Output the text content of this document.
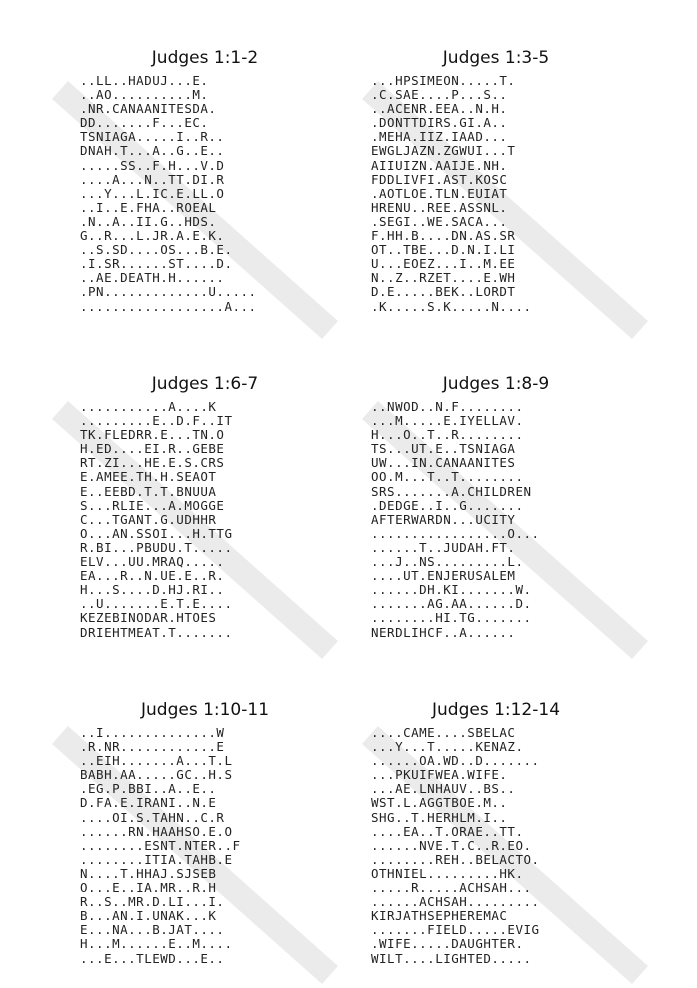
Judges 1:1-2
..LL..HADUJ...E.
..AO..........M.
.NR.CANAANITESDA.
DD.......F...EC.
TSNIAGA.....I..R..
DNAH.T...A..G..E..
.....SS..F.H...V.D
....A...N..TT.DI.R
...Y...L.IC.E.LL.O
..I..E.FHA..ROEAL
.N..A..II.G..HDS.
G..R...L.JR.A.E.K.
..S.SD....OS...B.E.
.I.SR......ST....D.
..AE.DEATH.H......
.PN.............U.....
..................A...
Judges 1:3-5
...HPSIMEON.....T.
.C.SAE....P...S..
..ACENR.EEA..N.H.
.DONTTDIRS.GI.A..
.MEHA.IIZ.IAAD...
EWGLJAZN.ZGWUI...T
AIIUIZN.AAIJE.NH.
FDDLIVFI.AST.KOSC
.AOTLOE.TLN.EUIAT
HRENU..REE.ASSNL.
.SEGI..WE.SACA...
F.HH.B....DN.AS.SR
OT..TBE...D.N.I.LI
U...EOEZ...I..M.EE
N..Z..RZET....E.WH
D.E.....BEK..LORDT
.K.....S.K.....N....
Judges 1:6-7
...........A....K
.........E..D.F..IT
TK.FLEDRR.E...TN.O
H.ED....EI.R..GEBE
RT.ZI...HE.E.S.CRS
E.AMEE.TH.H.SEAOT
E..EEBD.T.T.BNUUA
S...RLIE...A.MOGGE
C...TGANT.G.UDHHR
O...AN.SSOI...H.TTG
R.BI...PBUDU.T.....
ELV...UU.MRAQ.....
EA...R..N.UE.E..R.
H...S....D.HJ.RI..
..U.......E.T.E....
KEZEBINODAR.HTOES
DRIEHTMEAT.T.......
Judges 1:8-9
..NWOD..N.F........
...M.....E.IYELLAV.
H...O..T..R........
TS...UT.E..TSNIAGA
UW...IN.CANAANITES
OO.M...T..T........
SRS.......A.CHILDREN
.DEDGE..I..G.......
AFTERWARDN...UCITY
.................O...
......T..JUDAH.FT.
...J..NS.........L.
....UT.ENJERUSALEM
......DH.KI.......W.
.......AG.AA......D.
........HI.TG.......
NERDLIHCF..A......
Judges 1:10-11
..I..............W
.R.NR............E
..EIH.......A...T.L
BABH.AA.....GC..H.S
.EG.P.BBI..A..E..
D.FA.E.IRANI..N.E
....OI.S.TAHN..C.R
......RN.HAAHSO.E.O
........ESNT.NTER..F
........ITIA.TAHB.E
N....T.HHAJ.SJSEB
O...E..IA.MR..R.H
R..S..MR.D.LI...I.
B...AN.I.UNAK...K
E...NA...B.JAT....
H...M......E..M....
...E...TLEWD...E..
Judges 1:12-14
....CAME....SBELAC
...Y...T.....KENAZ.
......OA.WD..D.......
...PKUIFWEA.WIFE.
...AE.LNHAUV..BS..
WST.L.AGGTBOE.M..
SHG..T.HERHLM.I..
....EA..T.ORAE..TT.
......NVE.T.C..R.EO.
........REH..BELACTO.
OTHNIEL.........HK.
.....R.....ACHSAH...
......ACHSAH.........
KIRJATHSEPHEREMAC
.......FIELD.....EVIG
.WIFE.....DAUGHTER.
WILT....LIGHTED.....
